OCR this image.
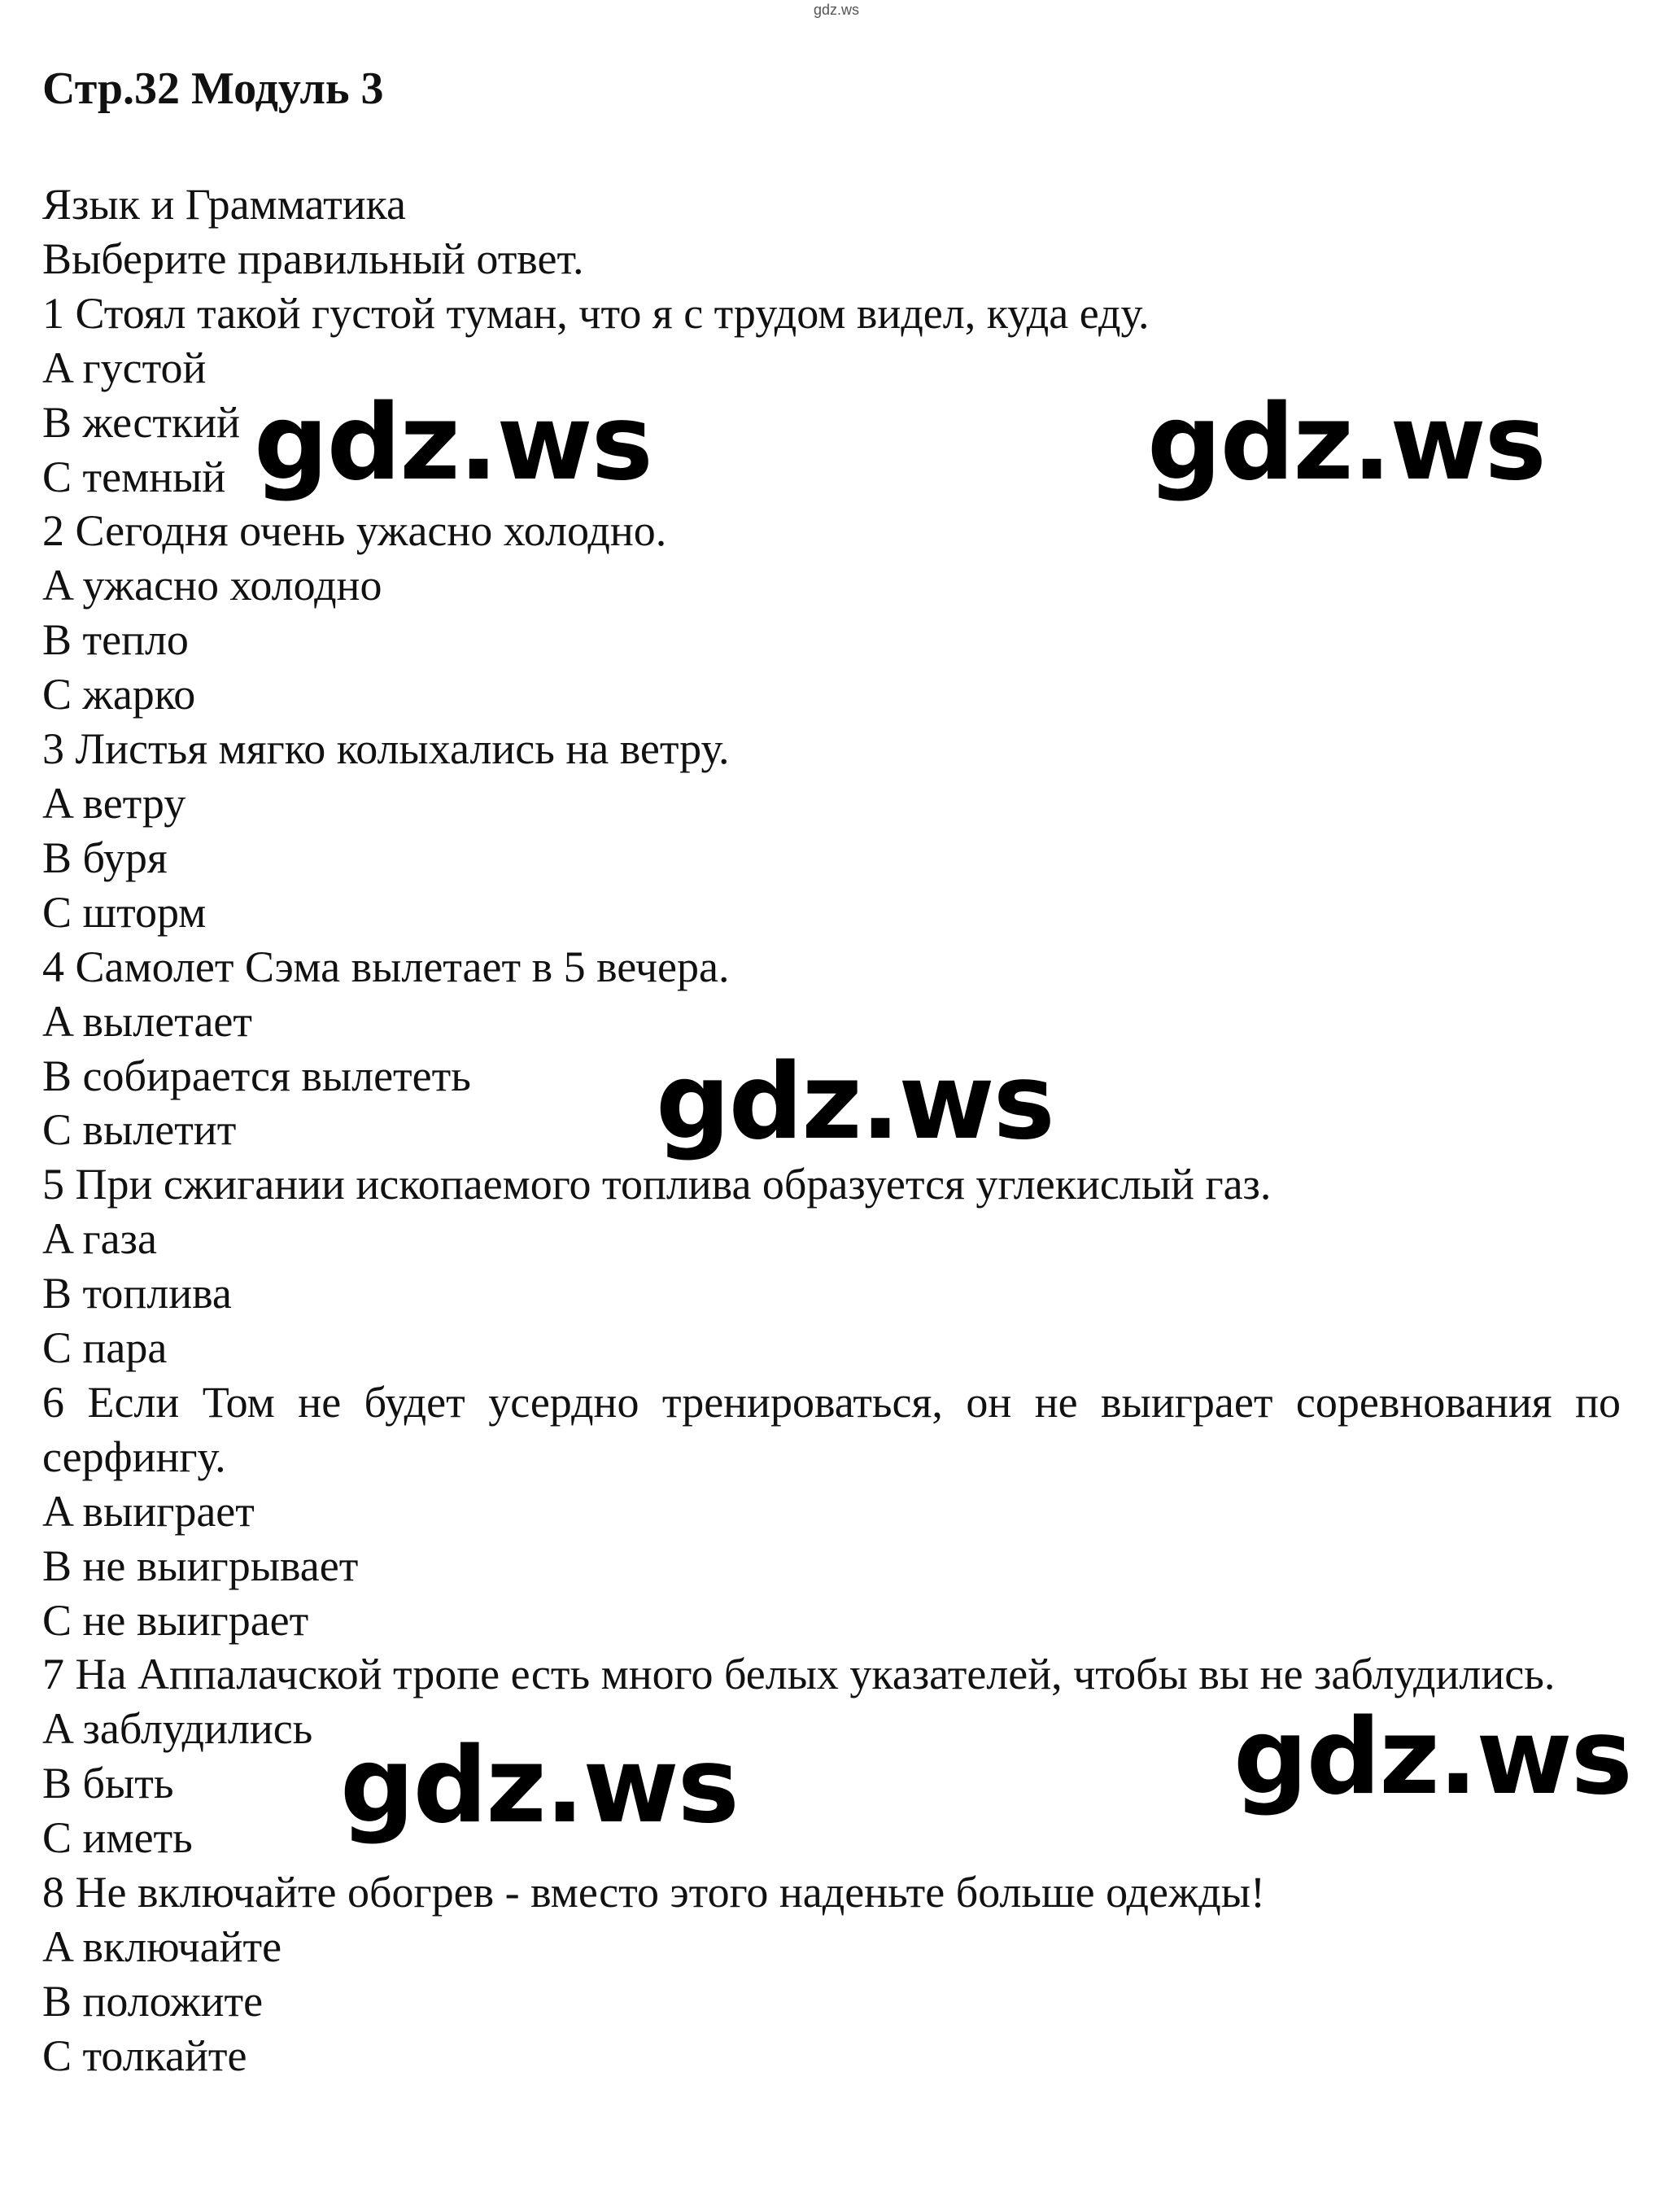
gdz.ws
Стр.32 Модуль 3
Язык и Грамматика
Выберите правильный ответ.
1 Стоял такой густой туман, что я с трудом видел, куда еду.
A густой
B жесткий
C темный
2 Сегодня очень ужасно холодно.
A ужасно холодно
B тепло
C жарко
3 Листья мягко колыхались на ветру.
A ветру
B буря
C шторм
4 Самолет Сэма вылетает в 5 вечера.
A вылетает
B собирается вылететь
C вылетит
5 При сжигании ископаемого топлива образуется углекислый газ.
A газа
B топлива
C пара
6 Если Том не будет усердно тренироваться, он не выиграет соревнования по серфингу.
A выиграет
B не выигрывает
C не выиграет
7 На Аппалачской тропе есть много белых указателей, чтобы вы не заблудились.
A заблудились
B быть
C иметь
8 Не включайте обогрев - вместо этого наденьте больше одежды!
A включайте
B положите
C толкайте
gdz.ws	gdz.ws
gdz.ws
gdz.ws	gdz.ws
